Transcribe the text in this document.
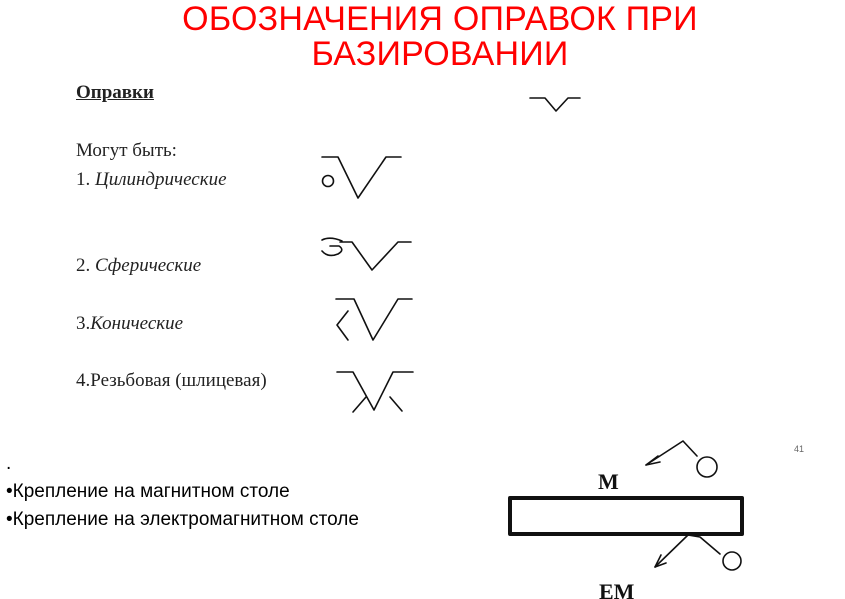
ОБОЗНАЧЕНИЯ ОПРАВОК ПРИ
БАЗИРОВАНИИ
Оправки
Могут быть:
1. Цилиндрические
2. Сферические
3.Конические
4.Резьбовая (шлицевая)
М
ЕМ
.
•Крепление на магнитном столе
•Крепление на электромагнитном столе
41
